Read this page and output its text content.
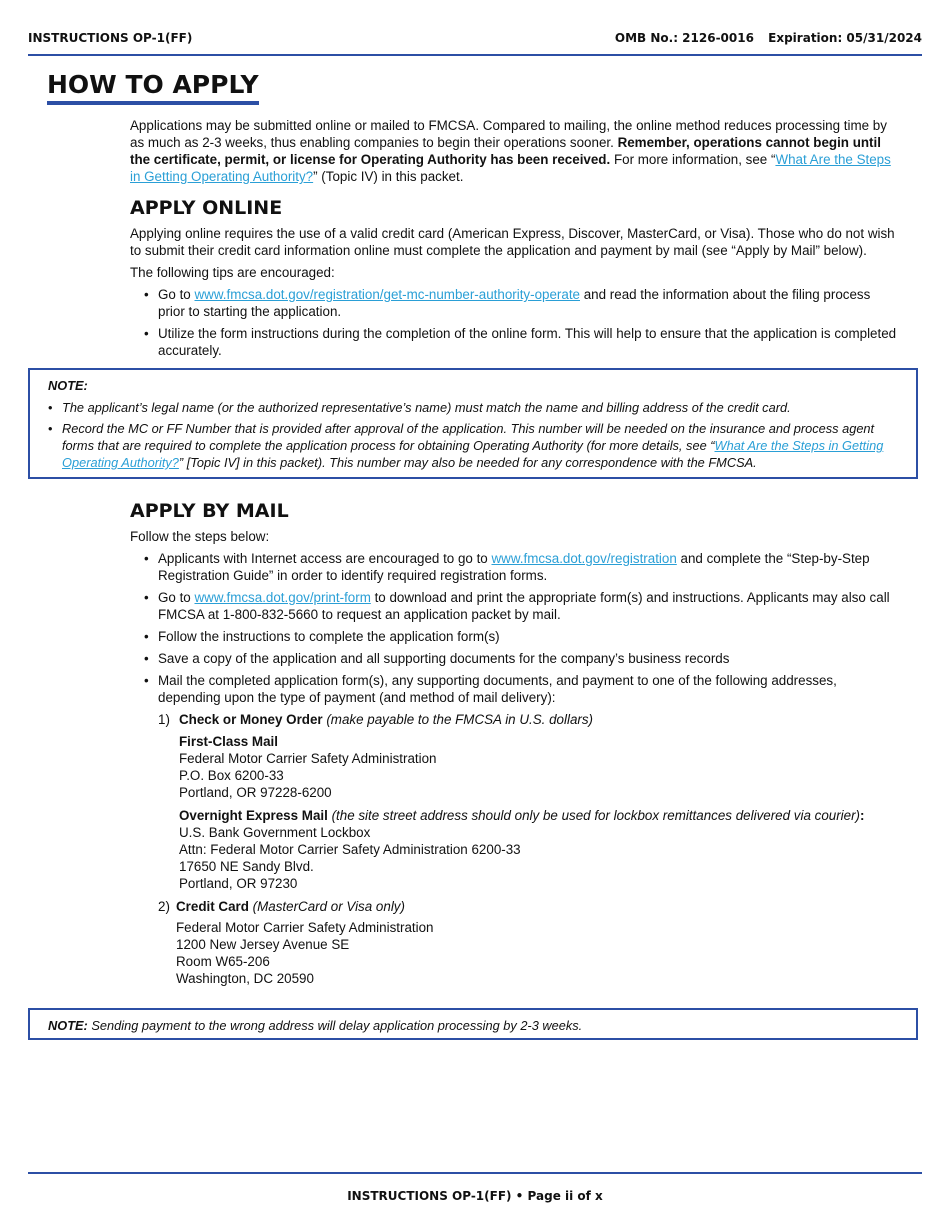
INSTRUCTIONS OP-1(FF)	OMB No.: 2126-0016 Expiration: 05/31/2024
HOW TO APPLY

Applications may be submitted online or mailed to FMCSA. Compared to mailing, the online method reduces processing time by as much as 2-3 weeks, thus enabling companies to begin their operations sooner. Remember, operations cannot begin until the certificate, permit, or license for Operating Authority has been received. For more information, see “What Are the Steps in Getting Operating Authority?” (Topic IV) in this packet.

APPLY ONLINE

Applying online requires the use of a valid credit card (American Express, Discover, MasterCard, or Visa). Those who do not wish to submit their credit card information online must complete the application and payment by mail (see “Apply by Mail” below).

The following tips are encouraged:

• Go to www.fmcsa.dot.gov/registration/get-mc-number-authority-operate and read the information about the filing process prior to starting the application.
• Utilize the form instructions during the completion of the online form. This will help to ensure that the application is completed accurately.
NOTE:
• The applicant’s legal name (or the authorized representative’s name) must match the name and billing address of the credit card.
• Record the MC or FF Number that is provided after approval of the application. This number will be needed on the insurance and process agent forms that are required to complete the application process for obtaining Operating Authority (for more details, see “What Are the Steps in Getting Operating Authority?” [Topic IV] in this packet). This number may also be needed for any correspondence with the FMCSA.
APPLY BY MAIL

Follow the steps below:

• Applicants with Internet access are encouraged to go to www.fmcsa.dot.gov/registration and complete the “Step-by-Step Registration Guide” in order to identify required registration forms.
• Go to www.fmcsa.dot.gov/print-form to download and print the appropriate form(s) and instructions. Applicants may also call FMCSA at 1-800-832-5660 to request an application packet by mail.
• Follow the instructions to complete the application form(s)
• Save a copy of the application and all supporting documents for the company’s business records
• Mail the completed application form(s), any supporting documents, and payment to one of the following addresses, depending upon the type of payment (and method of mail delivery):
1) Check or Money Order (make payable to the FMCSA in U.S. dollars)
First-Class Mail
Federal Motor Carrier Safety Administration
P.O. Box 6200-33
Portland, OR 97228-6200
Overnight Express Mail (the site street address should only be used for lockbox remittances delivered via courier):
U.S. Bank Government Lockbox
Attn: Federal Motor Carrier Safety Administration 6200-33
17650 NE Sandy Blvd.
Portland, OR 97230
2) Credit Card (MasterCard or Visa only)
Federal Motor Carrier Safety Administration
1200 New Jersey Avenue SE
Room W65-206
Washington, DC 20590
NOTE: Sending payment to the wrong address will delay application processing by 2-3 weeks.
INSTRUCTIONS OP-1(FF) • Page ii of x
